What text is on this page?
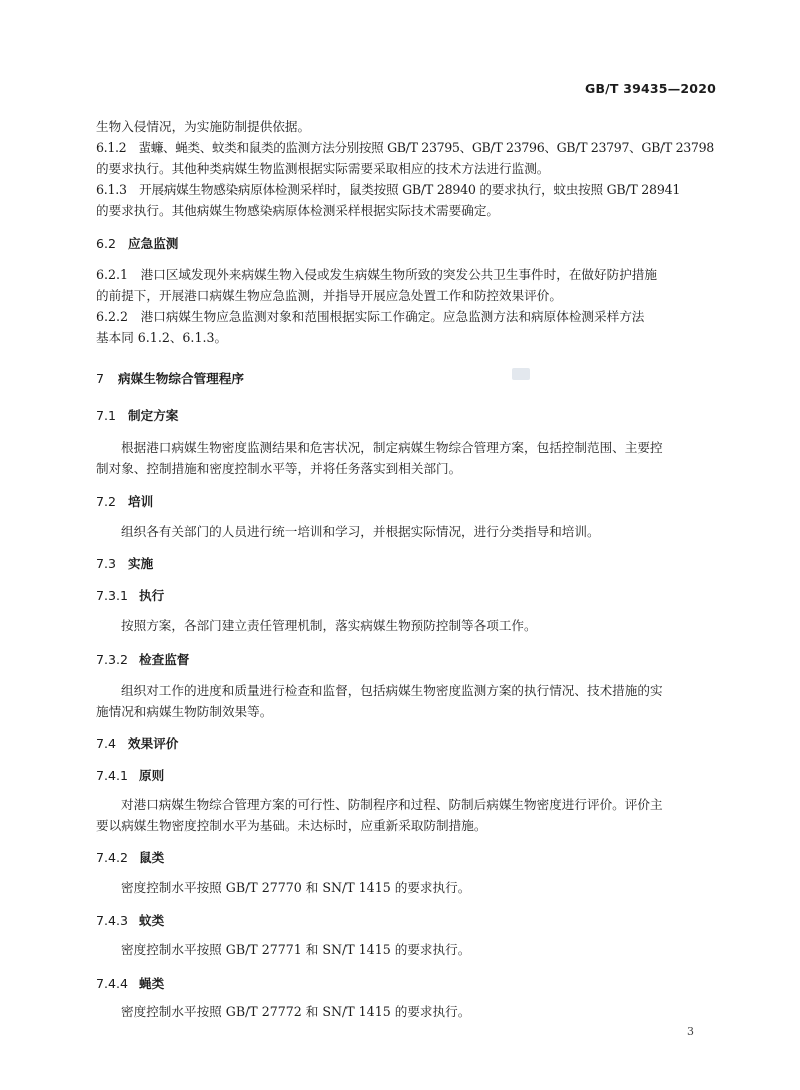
GB/T 39435—2020
生物入侵情况，为实施防制提供依据。
6.1.2　蜚蠊、蝇类、蚊类和鼠类的监测方法分别按照 GB/T 23795、GB/T 23796、GB/T 23797、GB/T 23798
的要求执行。其他种类病媒生物监测根据实际需要采取相应的技术方法进行监测。
6.1.3　开展病媒生物感染病原体检测采样时，鼠类按照 GB/T 28940 的要求执行，蚊虫按照 GB/T 28941
的要求执行。其他病媒生物感染病原体检测采样根据实际技术需要确定。
6.2 应急监测
6.2.1　港口区域发现外来病媒生物入侵或发生病媒生物所致的突发公共卫生事件时，在做好防护措施
的前提下，开展港口病媒生物应急监测，并指导开展应急处置工作和防控效果评价。
6.2.2　港口病媒生物应急监测对象和范围根据实际工作确定。应急监测方法和病原体检测采样方法
基本同 6.1.2、6.1.3。
7 病媒生物综合管理程序
7.1 制定方案
根据港口病媒生物密度监测结果和危害状况，制定病媒生物综合管理方案，包括控制范围、主要控
制对象、控制措施和密度控制水平等，并将任务落实到相关部门。
7.2 培训
组织各有关部门的人员进行统一培训和学习，并根据实际情况，进行分类指导和培训。
7.3 实施
7.3.1 执行
按照方案，各部门建立责任管理机制，落实病媒生物预防控制等各项工作。
7.3.2 检查监督
组织对工作的进度和质量进行检查和监督，包括病媒生物密度监测方案的执行情况、技术措施的实
施情况和病媒生物防制效果等。
7.4 效果评价
7.4.1 原则
对港口病媒生物综合管理方案的可行性、防制程序和过程、防制后病媒生物密度进行评价。评价主
要以病媒生物密度控制水平为基础。未达标时，应重新采取防制措施。
7.4.2 鼠类
密度控制水平按照 GB/T 27770 和 SN/T 1415 的要求执行。
7.4.3 蚊类
密度控制水平按照 GB/T 27771 和 SN/T 1415 的要求执行。
7.4.4 蝇类
密度控制水平按照 GB/T 27772 和 SN/T 1415 的要求执行。
3
